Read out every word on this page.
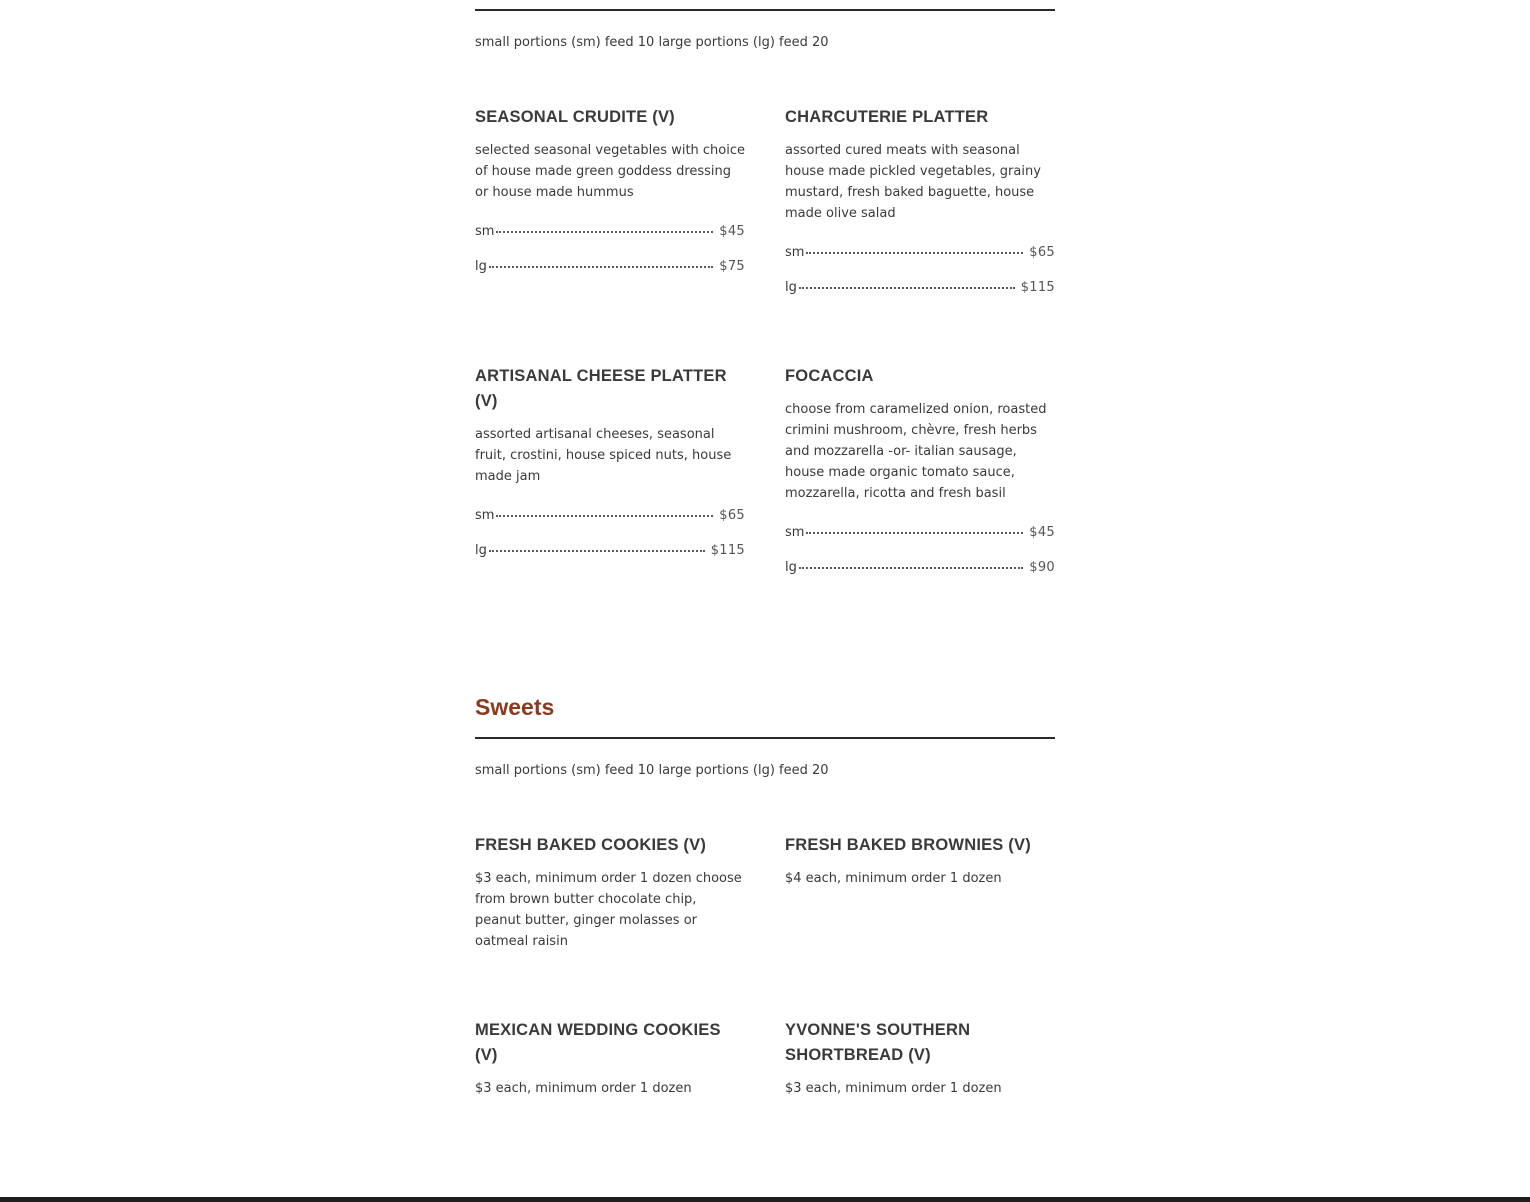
small portions (sm) feed 10 large portions (lg) feed 20

SEASONAL CRUDITE (V)

selected seasonal vegetables with choice of house made green goddess dressing or house made hummus

sm	$45
lg	$75
CHARCUTERIE PLATTER

assorted cured meats with seasonal house made pickled vegetables, grainy mustard, fresh baked baguette, house made olive salad

sm	$65
lg	$115
ARTISANAL CHEESE PLATTER (V)

assorted artisanal cheeses, seasonal fruit, crostini, house spiced nuts, house made jam

sm	$65
lg	$115
FOCACCIA

choose from caramelized onion, roasted crimini mushroom, chèvre, fresh herbs and mozzarella -or- italian sausage, house made organic tomato sauce, mozzarella, ricotta and fresh basil

sm	$45
lg	$90
Sweets

small portions (sm) feed 10 large portions (lg) feed 20

FRESH BAKED COOKIES (V)

$3 each, minimum order 1 dozen choose from brown butter chocolate chip, peanut butter, ginger molasses or oatmeal raisin

FRESH BAKED BROWNIES (V)

$4 each, minimum order 1 dozen

MEXICAN WEDDING COOKIES (V)

$3 each, minimum order 1 dozen

YVONNE'S SOUTHERN SHORTBREAD (V)

$3 each, minimum order 1 dozen
